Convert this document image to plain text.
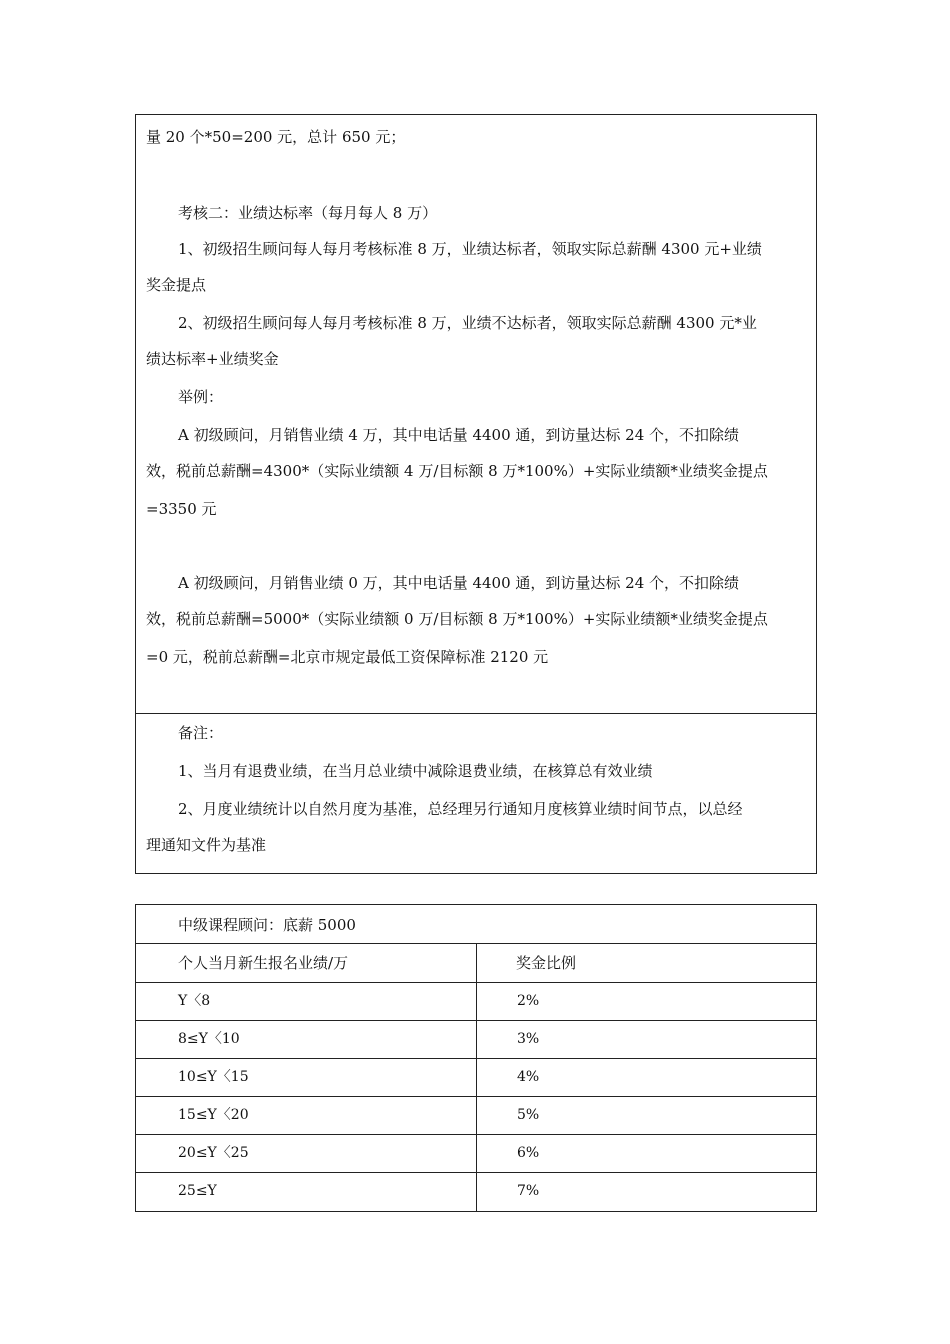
量 20 个*50=200 元，总计 650 元；
考核二：业绩达标率（每月每人 8 万）
1、初级招生顾问每人每月考核标准 8 万，业绩达标者，领取实际总薪酬 4300 元+业绩
奖金提点
2、初级招生顾问每人每月考核标准 8 万，业绩不达标者，领取实际总薪酬 4300 元*业
绩达标率+业绩奖金
举例：
A 初级顾问，月销售业绩 4 万，其中电话量 4400 通，到访量达标 24 个，不扣除绩
效，税前总薪酬=4300*（实际业绩额 4 万/目标额 8 万*100%）+实际业绩额*业绩奖金提点
=3350 元
A 初级顾问，月销售业绩 0 万，其中电话量 4400 通，到访量达标 24 个，不扣除绩
效，税前总薪酬=5000*（实际业绩额 0 万/目标额 8 万*100%）+实际业绩额*业绩奖金提点
=0 元，税前总薪酬=北京市规定最低工资保障标准 2120 元
备注：
1、当月有退费业绩，在当月总业绩中减除退费业绩，在核算总有效业绩
2、月度业绩统计以自然月度为基准，总经理另行通知月度核算业绩时间节点，以总经
理通知文件为基准
中级课程顾问：底薪 5000
个人当月新生报名业绩/万	奖金比例
Y〈8	2%
8≤Y〈10	3%
10≤Y〈15	4%
15≤Y〈20	5%
20≤Y〈25	6%
25≤Y	7%
